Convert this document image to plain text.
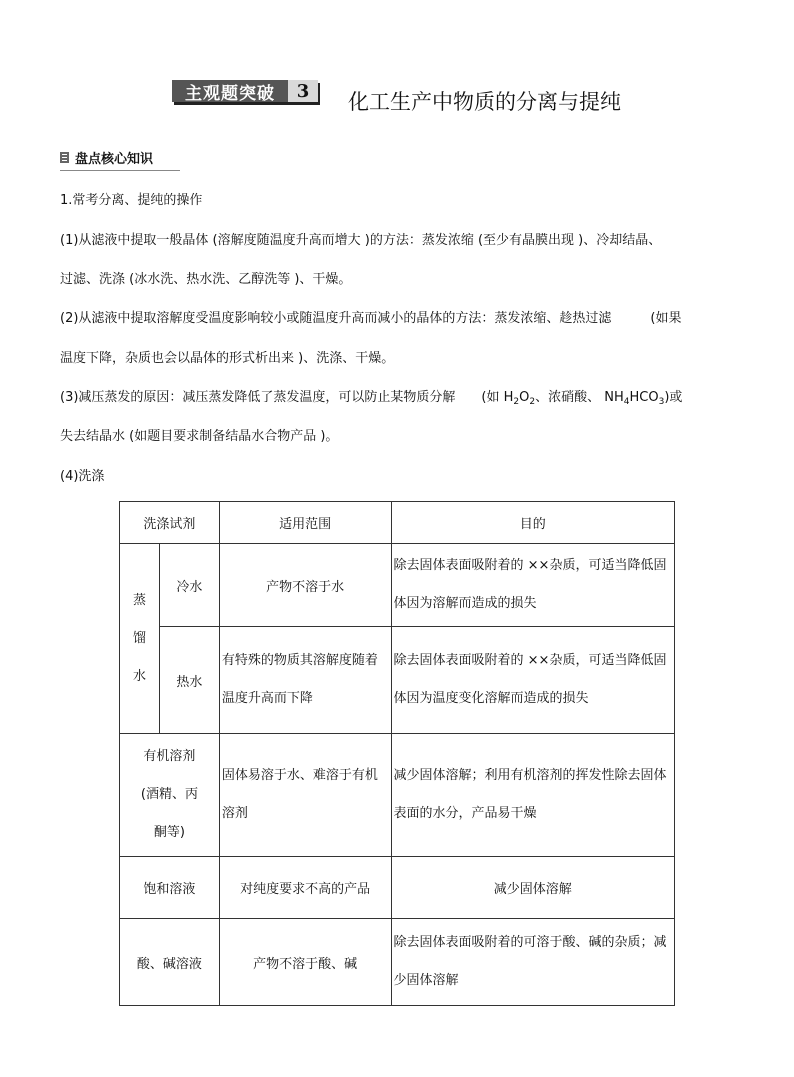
主观题突破	3	化工生产中物质的分离与提纯
盘点核心知识
1.常考分离、提纯的操作
(1)从滤液中提取一般晶体 (溶解度随温度升高而增大 )的方法：蒸发浓缩 (至少有晶膜出现 )、冷却结晶、
过滤、洗涤 (冰水洗、热水洗、乙醇洗等 )、干燥。
(2)从滤液中提取溶解度受温度影响较小或随温度升高而减小的晶体的方法：蒸发浓缩、趁热过滤　　　(如果
温度下降，杂质也会以晶体的形式析出来 )、洗涤、干燥。
(3)减压蒸发的原因：减压蒸发降低了蒸发温度，可以防止某物质分解　　(如 $H_2O_2$、浓硝酸、 $NH_4HCO_3$)或
失去结晶水 (如题目要求制备结晶水合物产品 )。
(4)洗涤
洗涤试剂		适用范围	目的
蒸
馏
水	冷水	产物不溶于水	除去固体表面吸附着的 ××杂质，可适当降低固体因为溶解而造成的损失
	热水	有特殊的物质其溶解度随着温度升高而下降	除去固体表面吸附着的 ××杂质，可适当降低固体因为温度变化溶解而造成的损失
有机溶剂
(酒精、丙
酮等)		固体易溶于水、难溶于有机溶剂	减少固体溶解；利用有机溶剂的挥发性除去固体表面的水分，产品易干燥
饱和溶液		对纯度要求不高的产品	减少固体溶解
酸、碱溶液		产物不溶于酸、碱	除去固体表面吸附着的可溶于酸、碱的杂质；减少固体溶解
